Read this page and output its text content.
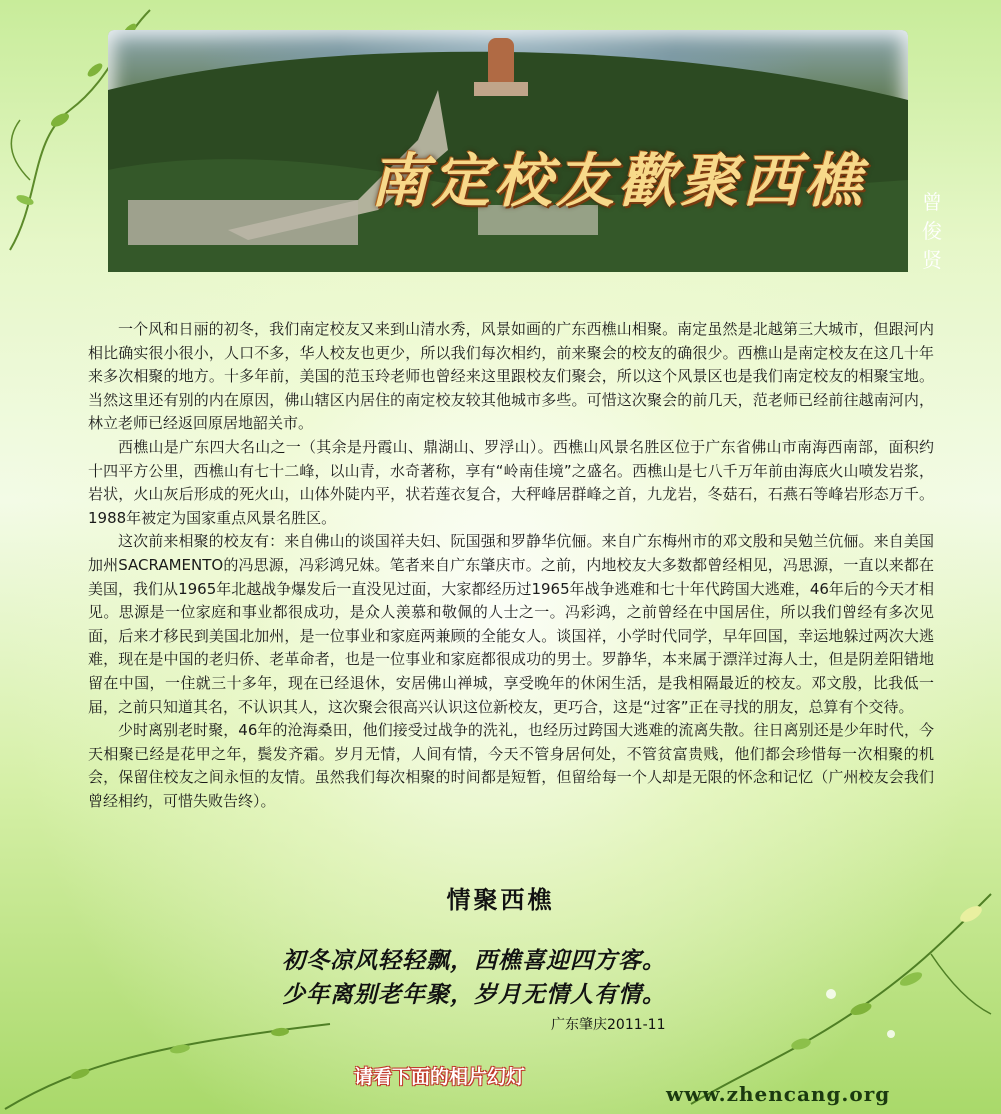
南定校友歡聚西樵	曾俊贤

一个风和日丽的初冬，我们南定校友又来到山清水秀，风景如画的广东西樵山相聚。南定虽然是北越第三大城市，但跟河内相比确实很小很小，人口不多，华人校友也更少，所以我们每次相约，前来聚会的校友的确很少。西樵山是南定校友在这几十年来多次相聚的地方。十多年前，美国的范玉玲老师也曾经来这里跟校友们聚会，所以这个风景区也是我们南定校友的相聚宝地。当然这里还有别的内在原因，佛山辖区内居住的南定校友较其他城市多些。可惜这次聚会的前几天，范老师已经前往越南河内，林立老师已经返回原居地韶关市。

西樵山是广东四大名山之一（其余是丹霞山、鼎湖山、罗浮山）。西樵山风景名胜区位于广东省佛山市南海西南部，面积约十四平方公里，西樵山有七十二峰，以山青，水奇著称，享有“岭南佳境”之盛名。西樵山是七八千万年前由海底火山喷发岩浆，岩状，火山灰后形成的死火山，山体外陡内平，状若莲衣复合，大秤峰居群峰之首，九龙岩，冬菇石，石燕石等峰岩形态万千。1988年被定为国家重点风景名胜区。

这次前来相聚的校友有：来自佛山的谈国祥夫妇、阮国强和罗静华伉俪。来自广东梅州市的邓文殷和吴勉兰伉俪。来自美国加州SACRAMENTO的冯思源，冯彩鸿兄妹。笔者来自广东肇庆市。之前，内地校友大多数都曾经相见，冯思源，一直以来都在美国，我们从1965年北越战争爆发后一直没见过面，大家都经历过1965年战争逃难和七十年代跨国大逃难，46年后的今天才相见。思源是一位家庭和事业都很成功，是众人羡慕和敬佩的人士之一。冯彩鸿，之前曾经在中国居住，所以我们曾经有多次见面，后来才移民到美国北加州，是一位事业和家庭两兼顾的全能女人。谈国祥，小学时代同学，早年回国，幸运地躲过两次大逃难，现在是中国的老归侨、老革命者，也是一位事业和家庭都很成功的男士。罗静华，本来属于漂洋过海人士，但是阴差阳错地留在中国，一住就三十多年，现在已经退休，安居佛山禅城，享受晚年的休闲生活，是我相隔最近的校友。邓文殷，比我低一届，之前只知道其名，不认识其人，这次聚会很高兴认识这位新校友，更巧合，这是“过客”正在寻找的朋友，总算有个交待。

少时离别老时聚，46年的沧海桑田，他们接受过战争的洗礼，也经历过跨国大逃难的流离失散。往日离别还是少年时代，今天相聚已经是花甲之年，鬓发齐霜。岁月无情，人间有情，今天不管身居何处，不管贫富贵贱，他们都会珍惜每一次相聚的机会，保留住校友之间永恒的友情。虽然我们每次相聚的时间都是短暂，但留给每一个人却是无限的怀念和记忆（广州校友会我们曾经相约，可惜失败告终）。

情聚西樵
初冬凉风轻轻飘，西樵喜迎四方客。
少年离别老年聚，岁月无情人有情。
广东肇庆2011-11
请看下面的相片幻灯
www.zhencang.org
